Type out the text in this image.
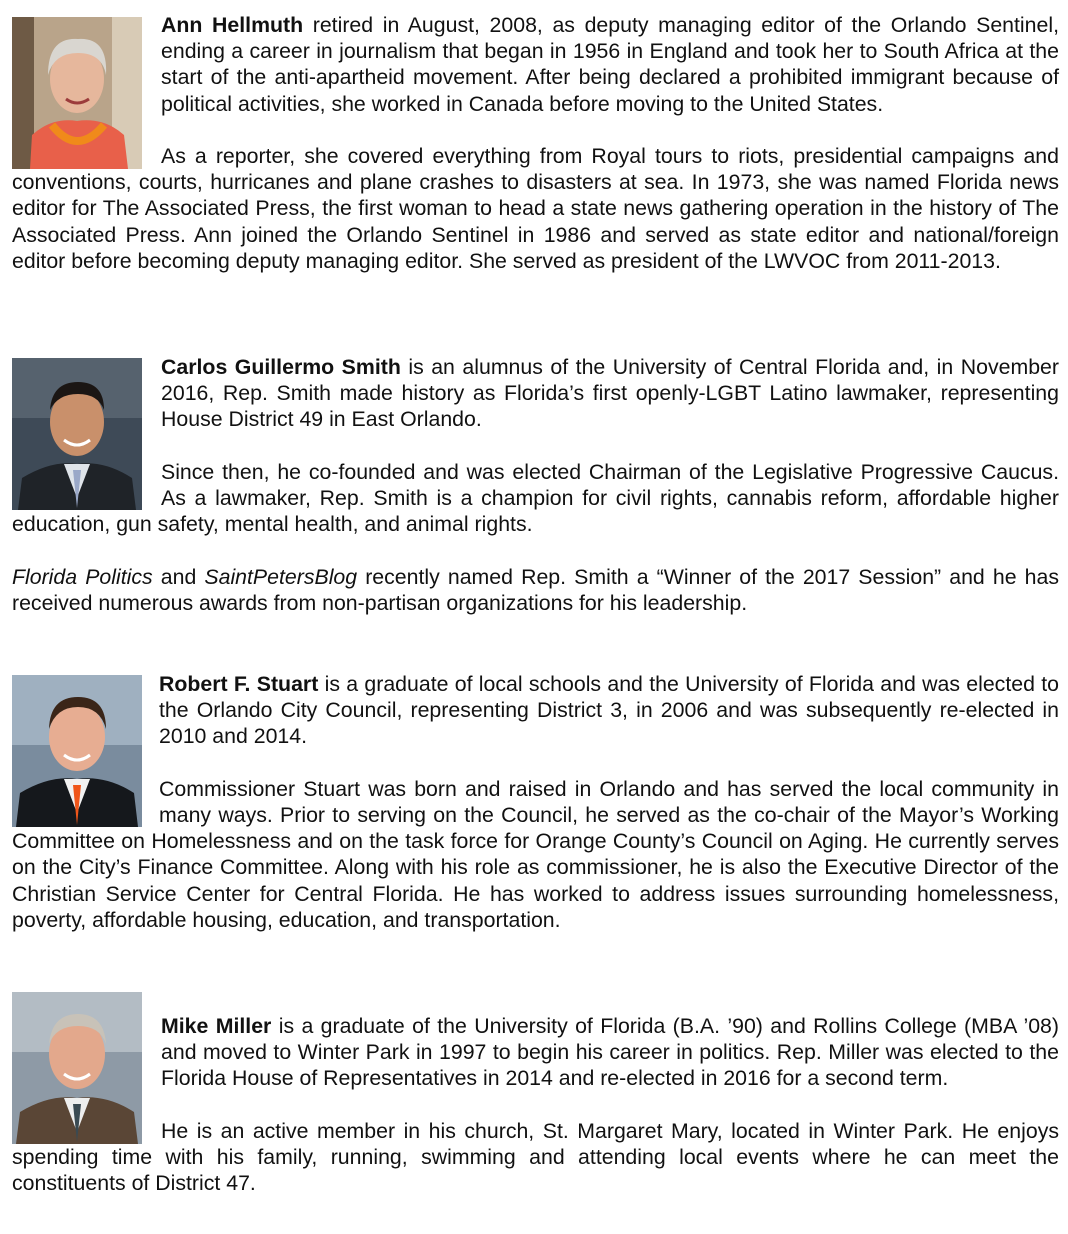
Ann Hellmuth retired in August, 2008, as deputy managing editor of the Orlando Sentinel, ending a career in journalism that began in 1956 in England and took her to South Africa at the start of the anti-apartheid movement. After being declared a prohibited immigrant because of political activities, she worked in Canada before moving to the United States.

As a reporter, she covered everything from Royal tours to riots, presidential campaigns and conventions, courts, hurricanes and plane crashes to disasters at sea. In 1973, she was named Florida news editor for The Associated Press, the first woman to head a state news gathering operation in the history of The Associated Press. Ann joined the Orlando Sentinel in 1986 and served as state editor and national/foreign editor before becoming deputy managing editor. She served as president of the LWVOC from 2011-2013.

Carlos Guillermo Smith is an alumnus of the University of Central Florida and, in November 2016, Rep. Smith made history as Florida’s first openly-LGBT Latino lawmaker, representing House District 49 in East Orlando.

Since then, he co-founded and was elected Chairman of the Legislative Progressive Caucus. As a lawmaker, Rep. Smith is a champion for civil rights, cannabis reform, affordable higher education, gun safety, mental health, and animal rights.

Florida Politics and SaintPetersBlog recently named Rep. Smith a “Winner of the 2017 Session” and he has received numerous awards from non-partisan organizations for his leadership.

Robert F. Stuart is a graduate of local schools and the University of Florida and was elected to the Orlando City Council, representing District 3, in 2006 and was subsequently re-elected in 2010 and 2014.

Commissioner Stuart was born and raised in Orlando and has served the local community in many ways. Prior to serving on the Council, he served as the co-chair of the Mayor’s Working Committee on Homelessness and on the task force for Orange County’s Council on Aging. He currently serves on the City’s Finance Committee. Along with his role as commissioner, he is also the Executive Director of the Christian Service Center for Central Florida. He has worked to address issues surrounding homelessness, poverty, affordable housing, education, and transportation.

Mike Miller is a graduate of the University of Florida (B.A. ’90) and Rollins College (MBA ’08) and moved to Winter Park in 1997 to begin his career in politics. Rep. Miller was elected to the Florida House of Representatives in 2014 and re-elected in 2016 for a second term.

He is an active member in his church, St. Margaret Mary, located in Winter Park. He enjoys spending time with his family, running, swimming and attending local events where he can meet the constituents of District 47.
